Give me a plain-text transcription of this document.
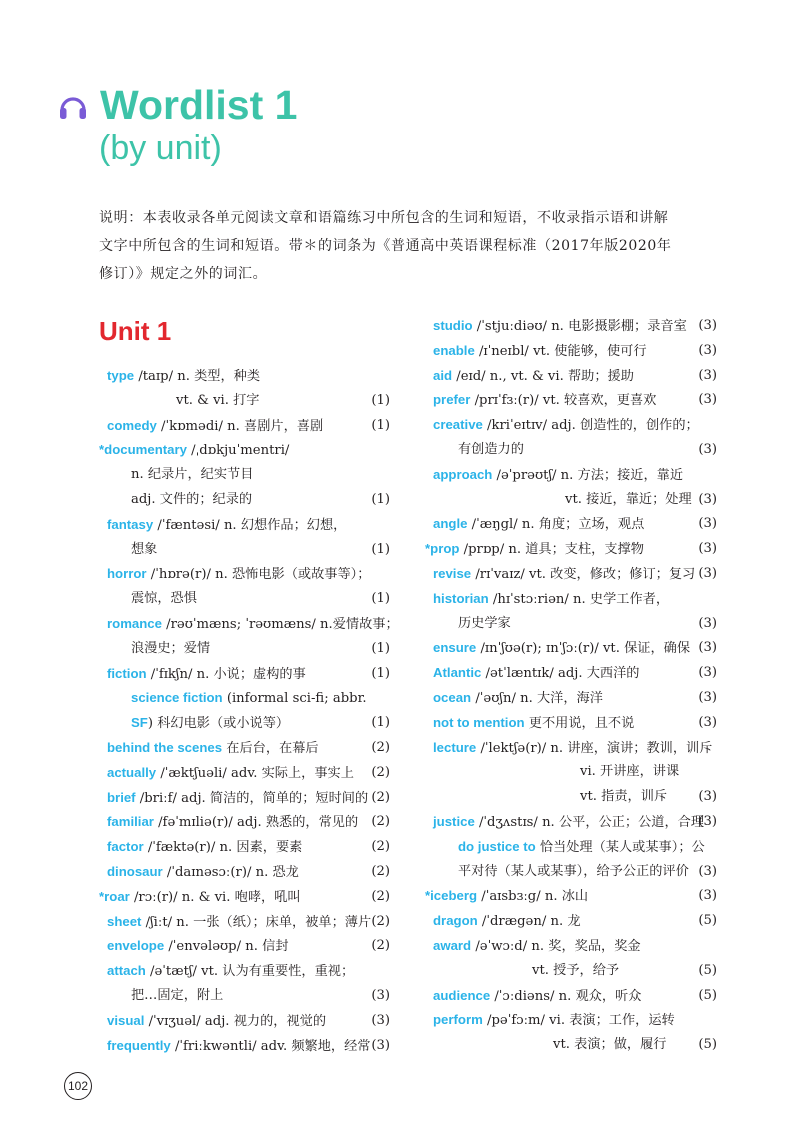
Wordlist 1
(by unit)
说明：本表收录各单元阅读文章和语篇练习中所包含的生词和短语，不收录指示语和讲解
文字中所包含的生词和短语。带＊的词条为《普通高中英语课程标准（2017年版2020年
修订）》规定之外的词汇。
Unit 1
type /taɪp/ n. 类型，种类
vt. & vi. 打字	(1)
comedy /ˈkɒmədi/ n. 喜剧片，喜剧	(1)
*documentary /ˌdɒkjuˈmentri/
n. 纪录片，纪实节目
adj. 文件的；纪录的	(1)
fantasy /ˈfæntəsi/ n. 幻想作品；幻想，
想象	(1)
horror /ˈhɒrə(r)/ n. 恐怖电影（或故事等）；
震惊，恐惧	(1)
romance /rəʊˈmæns; ˈrəʊmæns/ n.爱情故事；
浪漫史；爱情	(1)
fiction /ˈfɪkʃn/ n. 小说；虚构的事	(1)
science fiction (informal sci-fi; abbr.
SF) 科幻电影（或小说等）	(1)
behind the scenes 在后台，在幕后	(2)
actually /ˈæktʃuəli/ adv. 实际上，事实上 (2)
brief /briːf/ adj. 简洁的，简单的；短时间的 (2)
familiar /fəˈmɪliə(r)/ adj. 熟悉的，常见的 (2)
factor /ˈfæktə(r)/ n. 因素，要素	(2)
dinosaur /ˈdaɪnəsɔː(r)/ n. 恐龙	(2)
*roar /rɔː(r)/ n. & vi. 咆哮，吼叫	(2)
sheet /ʃiːt/ n. 一张（纸）；床单，被单；薄片 (2)
envelope /ˈenvələʊp/ n. 信封	(2)
attach /əˈtætʃ/ vt. 认为有重要性，重视；
把…固定，附上	(3)
visual /ˈvɪʒuəl/ adj. 视力的，视觉的	(3)
frequently /ˈfriːkwəntli/ adv. 频繁地，经常 (3)
studio /ˈstjuːdiəʊ/ n. 电影摄影棚；录音室 (3)
enable /ɪˈneɪbl/ vt. 使能够，使可行	(3)
aid /eɪd/ n., vt. & vi. 帮助；援助	(3)
prefer /prɪˈfɜː(r)/ vt. 较喜欢，更喜欢	(3)
creative /kriˈeɪtɪv/ adj. 创造性的，创作的；
有创造力的	(3)
approach /əˈprəʊtʃ/ n. 方法；接近，靠近
vt. 接近，靠近；处理 (3)
angle /ˈæŋgl/ n. 角度；立场，观点	(3)
*prop /prɒp/ n. 道具；支柱，支撑物	(3)
revise /rɪˈvaɪz/ vt. 改变，修改；修订；复习 (3)
historian /hɪˈstɔːriən/ n. 史学工作者，
历史学家	(3)
ensure /ɪnˈʃʊə(r); ɪnˈʃɔː(r)/ vt. 保证，确保 (3)
Atlantic /ətˈlæntɪk/ adj. 大西洋的	(3)
ocean /ˈəʊʃn/ n. 大洋，海洋	(3)
not to mention 更不用说，且不说	(3)
lecture /ˈlektʃə(r)/ n. 讲座，演讲；教训，训斥
vi. 开讲座，讲课
vt. 指责，训斥 (3)
justice /ˈdʒʌstɪs/ n. 公平，公正；公道，合理
(3)
do justice to 恰当处理（某人或某事）；公
平对待（某人或某事），给予公正的评价 (3)
*iceberg /ˈaɪsbɜːg/ n. 冰山	(3)
dragon /ˈdrægən/ n. 龙	(5)
award /əˈwɔːd/ n. 奖，奖品，奖金
vt. 授予，给予	(5)
audience /ˈɔːdiəns/ n. 观众，听众	(5)
perform /pəˈfɔːm/ vi. 表演；工作，运转
vt. 表演；做，履行 (5)
102
